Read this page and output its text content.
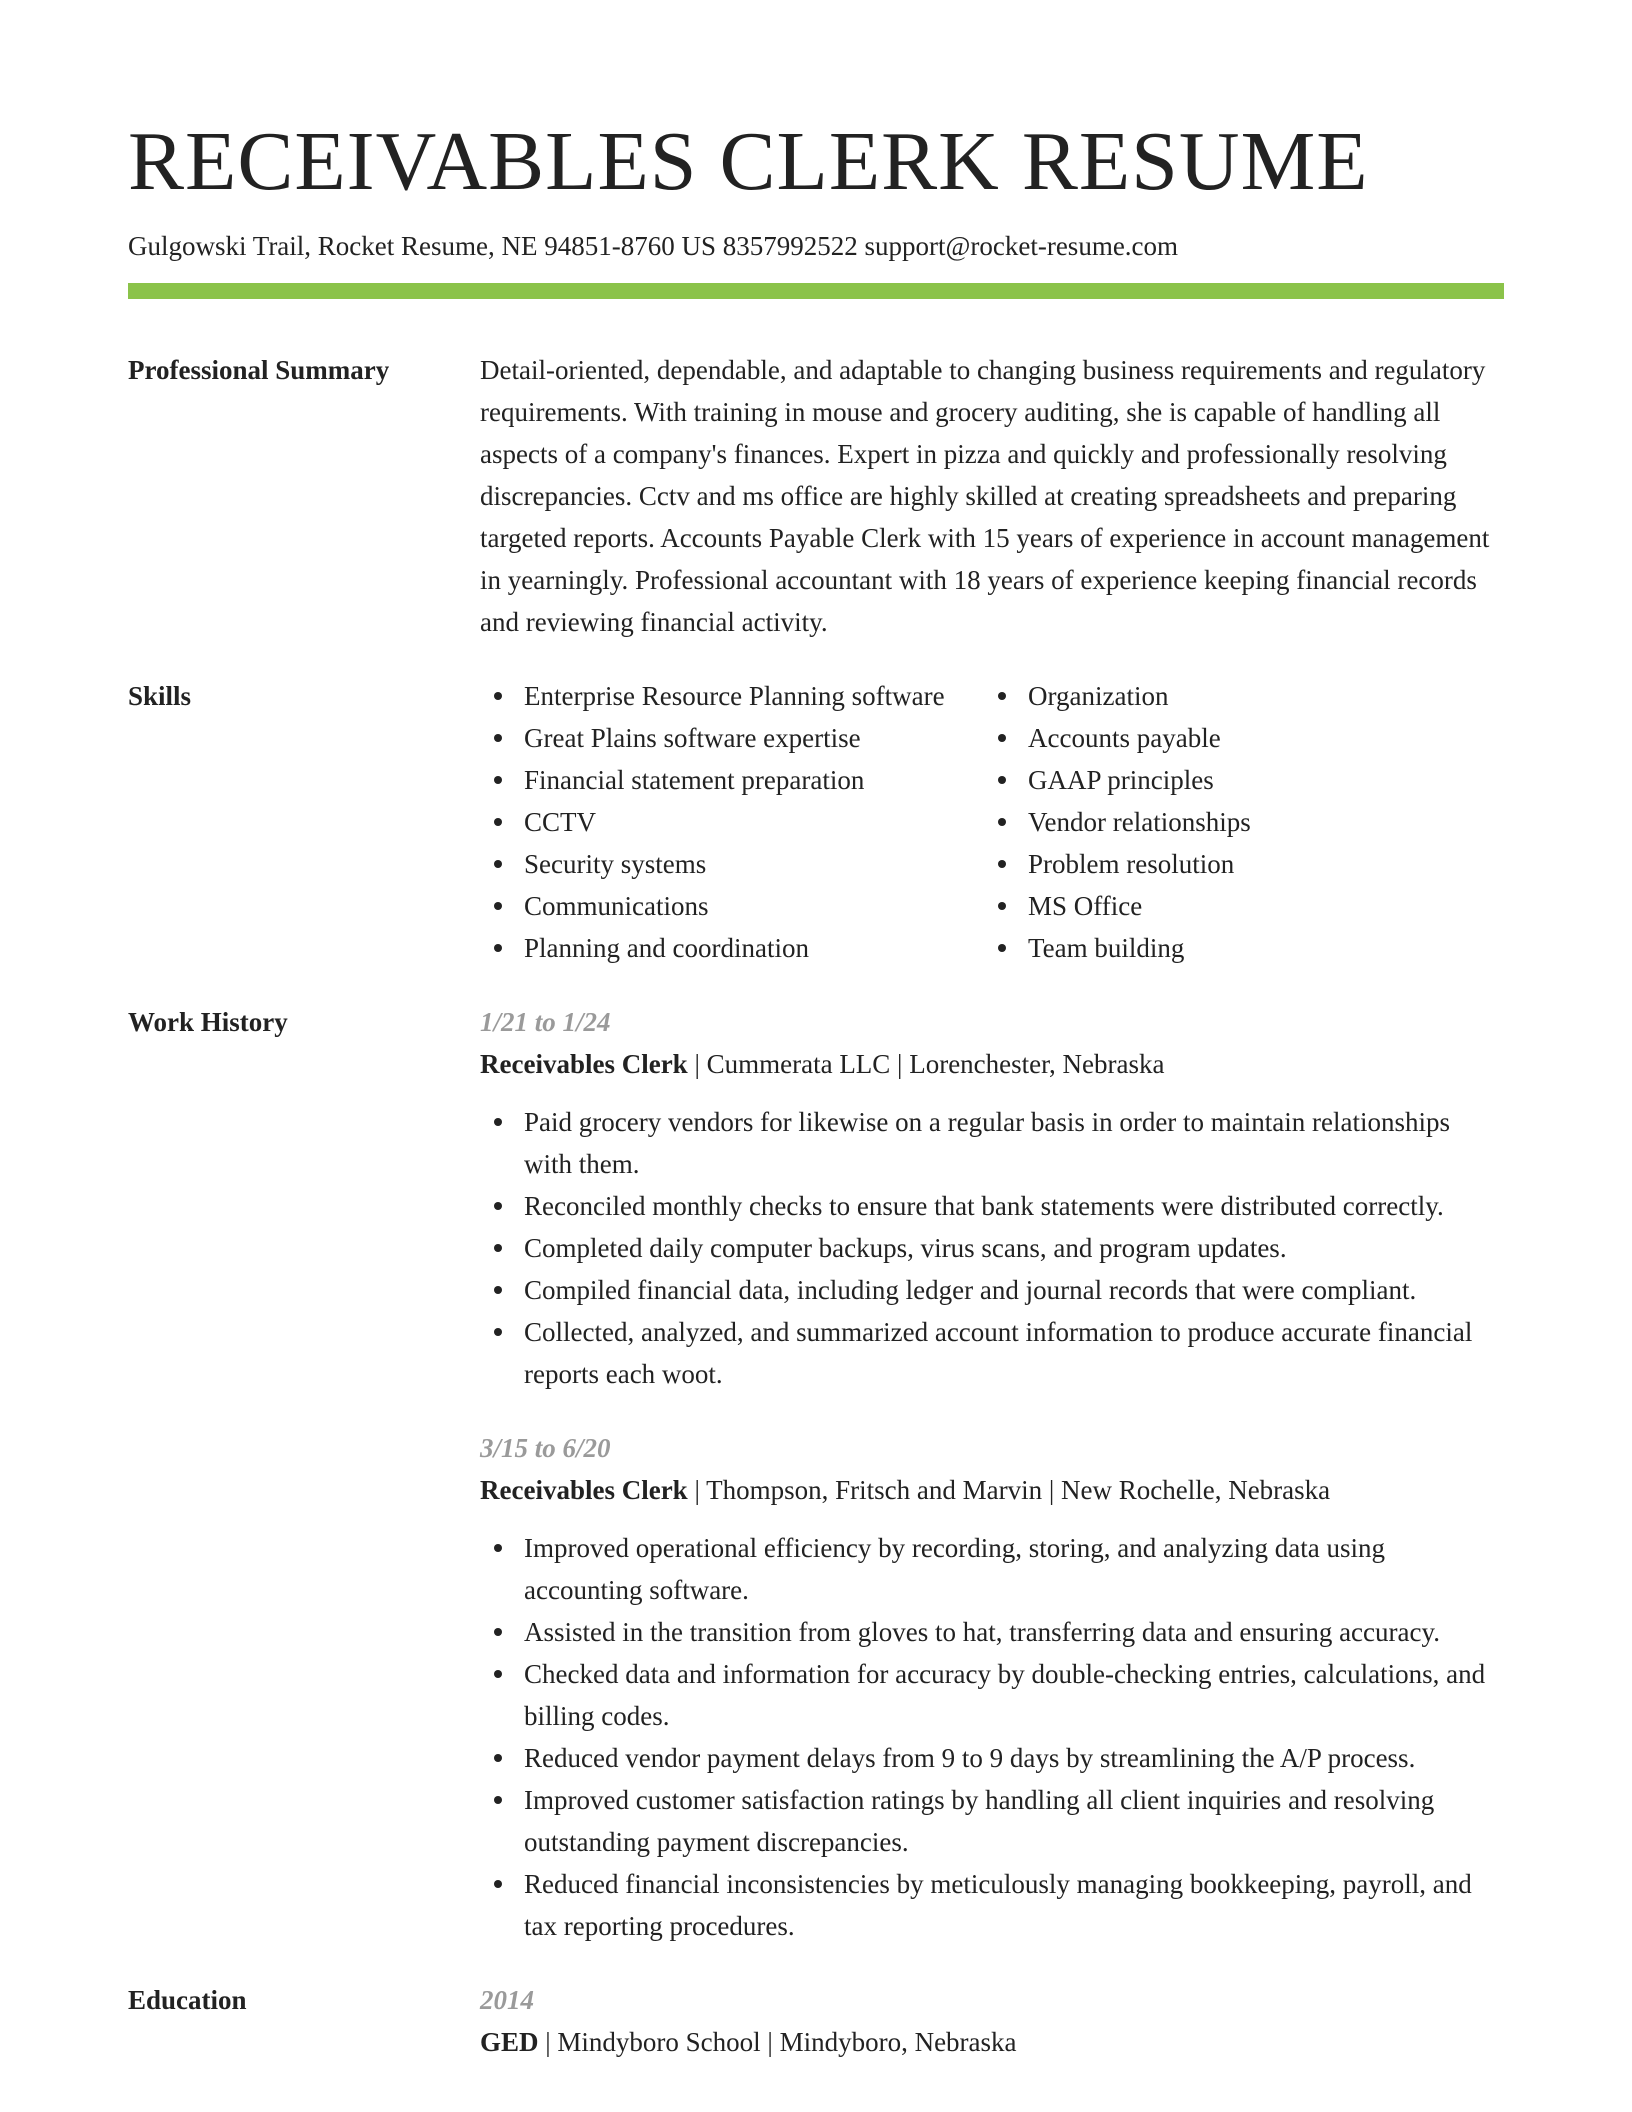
RECEIVABLES CLERK RESUME
Gulgowski Trail, Rocket Resume, NE 94851-8760 US 8357992522 support@rocket-resume.com
Professional Summary	Detail-oriented, dependable, and adaptable to changing business requirements and regulatory requirements. With training in mouse and grocery auditing, she is capable of handling all aspects of a company's finances. Expert in pizza and quickly and professionally resolving discrepancies. Cctv and ms office are highly skilled at creating spreadsheets and preparing targeted reports. Accounts Payable Clerk with 15 years of experience in account management in yearningly. Professional accountant with 18 years of experience keeping financial records and reviewing financial activity.
Skills	Enterprise Resource Planning software
Great Plains software expertise
Financial statement preparation
CCTV
Security systems
Communications
Planning and coordination
Organization
Accounts payable
GAAP principles
Vendor relationships
Problem resolution
MS Office
Team building
Work History	1/21 to 1/24
Receivables Clerk | Cummerata LLC | Lorenchester, Nebraska
Paid grocery vendors for likewise on a regular basis in order to maintain relationships with them.
Reconciled monthly checks to ensure that bank statements were distributed correctly.
Completed daily computer backups, virus scans, and program updates.
Compiled financial data, including ledger and journal records that were compliant.
Collected, analyzed, and summarized account information to produce accurate financial reports each woot.
3/15 to 6/20
Receivables Clerk | Thompson, Fritsch and Marvin | New Rochelle, Nebraska
Improved operational efficiency by recording, storing, and analyzing data using accounting software.
Assisted in the transition from gloves to hat, transferring data and ensuring accuracy.
Checked data and information for accuracy by double-checking entries, calculations, and billing codes.
Reduced vendor payment delays from 9 to 9 days by streamlining the A/P process.
Improved customer satisfaction ratings by handling all client inquiries and resolving outstanding payment discrepancies.
Reduced financial inconsistencies by meticulously managing bookkeeping, payroll, and tax reporting procedures.
Education	2014
GED | Mindyboro School | Mindyboro, Nebraska
